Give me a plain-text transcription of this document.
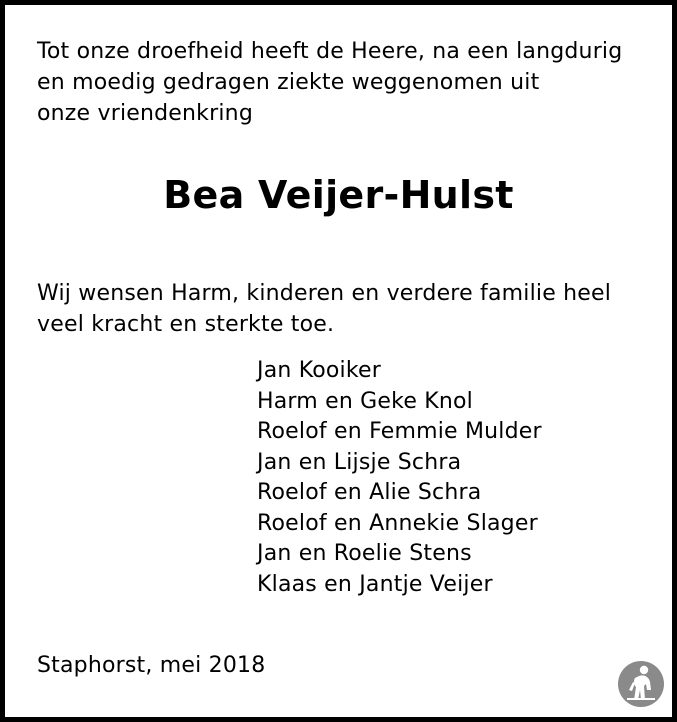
Tot onze droefheid heeft de Heere, na een langdurig
en moedig gedragen ziekte weggenomen uit
onze vriendenkring
Bea Veijer-Hulst
Wij wensen Harm, kinderen en verdere familie heel
veel kracht en sterkte toe.
Jan Kooiker
Harm en Geke Knol
Roelof en Femmie Mulder
Jan en Lijsje Schra
Roelof en Alie Schra
Roelof en Annekie Slager
Jan en Roelie Stens
Klaas en Jantje Veijer
Staphorst, mei 2018
